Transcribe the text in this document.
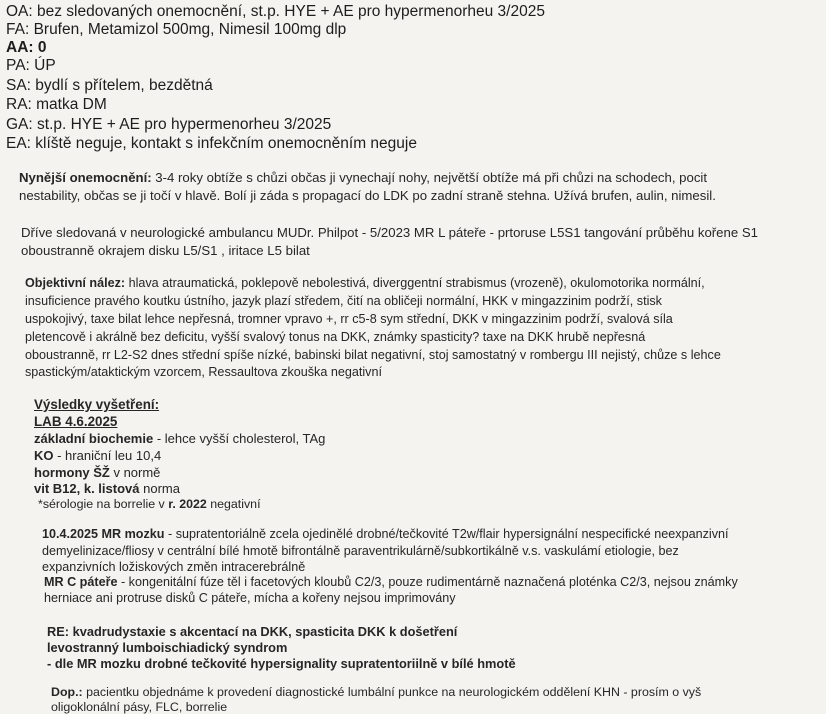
OA: bez sledovaných onemocnění, st.p. HYE + AE pro hypermenorheu 3/2025
FA: Brufen, Metamizol 500mg, Nimesil 100mg dlp
AA: 0
PA: ÚP
SA: bydlí s přítelem, bezdětná
RA: matka DM
GA: st.p. HYE + AE pro hypermenorheu 3/2025
EA: klíště neguje, kontakt s infekčním onemocněním neguje
Nynější onemocnění: 3-4 roky obtíže s chůzi občas ji vynechají nohy, největší obtíže má při chůzi na schodech, pocit
nestability, občas se ji točí v hlavě. Bolí ji záda s propagací do LDK po zadní straně stehna. Užívá brufen, aulin, nimesil.
Dříve sledovaná v neurologické ambulancu MUDr. Philpot - 5/2023 MR L páteře - prtoruse L5S1 tangování průběhu kořene S1
oboustranně okrajem disku L5/S1 , iritace L5 bilat
Objektivní nález: hlava atraumatická, poklepově nebolestivá, diverggentní strabismus (vrozeně), okulomotorika normální,
insuficience pravého koutku ústního, jazyk plazí středem, čití na obličeji normální, HKK v mingazzinim podrží, stisk
uspokojivý, taxe bilat lehce nepřesná, tromner vpravo +, rr c5-8 sym střední, DKK v mingazzinim podrží, svalová síla
pletencově i akrálně bez deficitu, vyšší svalový tonus na DKK, známky spasticity? taxe na DKK hrubě nepřesná
oboustranně, rr L2-S2 dnes střední spíše nízké, babinski bilat negativní, stoj samostatný v rombergu III nejistý, chůze s lehce
spastickým/ataktickým vzorcem, Ressaultova zkouška negativní
Výsledky vyšetření:
LAB 4.6.2025
základní biochemie - lehce vyšší cholesterol, TAg
KO - hraniční leu 10,4
hormony ŠŽ v normě
vit B12, k. listová norma
*sérologie na borrelie v r. 2022 negativní
10.4.2025 MR mozku - supratentoriálně zcela ojedinělé drobné/tečkovité T2w/flair hypersignální nespecifické neexpanzivní
demyelinizace/fliosy v centrální bílé hmotě bifrontálně paraventrikulárně/subkortikálně v.s. vaskulámí etiologie, bez
expanzivních ložiskových změn intracerebrálně
MR C páteře - kongenitální fúze těl i facetových kloubů C2/3, pouze rudimentárně naznačená ploténka C2/3, nejsou známky
herniace ani protruse disků C páteře, mícha a kořeny nejsou imprimovány
RE: kvadrudystaxie s akcentací na DKK, spasticita DKK k došetření
levostranný lumboischiadický syndrom
- dle MR mozku drobné tečkovité hypersignality supratentoriilně v bílé hmotě
Dop.: pacientku objednáme k provedení diagnostické lumbální punkce na neurologickém oddělení KHN - prosím o vyš
oligoklonální pásy, FLC, borrelie
